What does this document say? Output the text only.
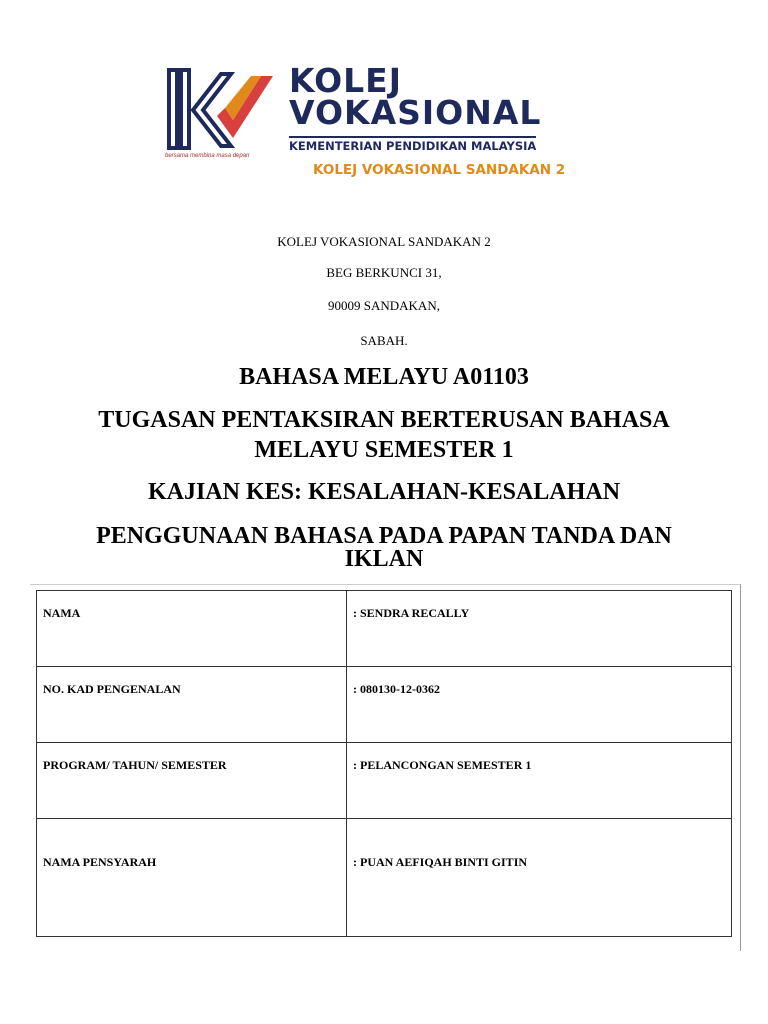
KOLEJ
VOKASIONAL
KEMENTERIAN PENDIDIKAN MALAYSIA
bersama membina masa depan
KOLEJ VOKASIONAL SANDAKAN 2
KOLEJ VOKASIONAL SANDAKAN 2
BEG BERKUNCI 31,
90009 SANDAKAN,
SABAH.
BAHASA MELAYU A01103
TUGASAN PENTAKSIRAN BERTERUSAN BAHASA
MELAYU SEMESTER 1
KAJIAN KES: KESALAHAN-KESALAHAN
PENGGUNAAN BAHASA PADA PAPAN TANDA DAN
IKLAN
NAMA	: SENDRA RECALLY

NO. KAD PENGENALAN	: 080130-12-0362

PROGRAM/ TAHUN/ SEMESTER	: PELANCONGAN SEMESTER 1

NAMA PENSYARAH	: PUAN AEFIQAH BINTI GITIN
